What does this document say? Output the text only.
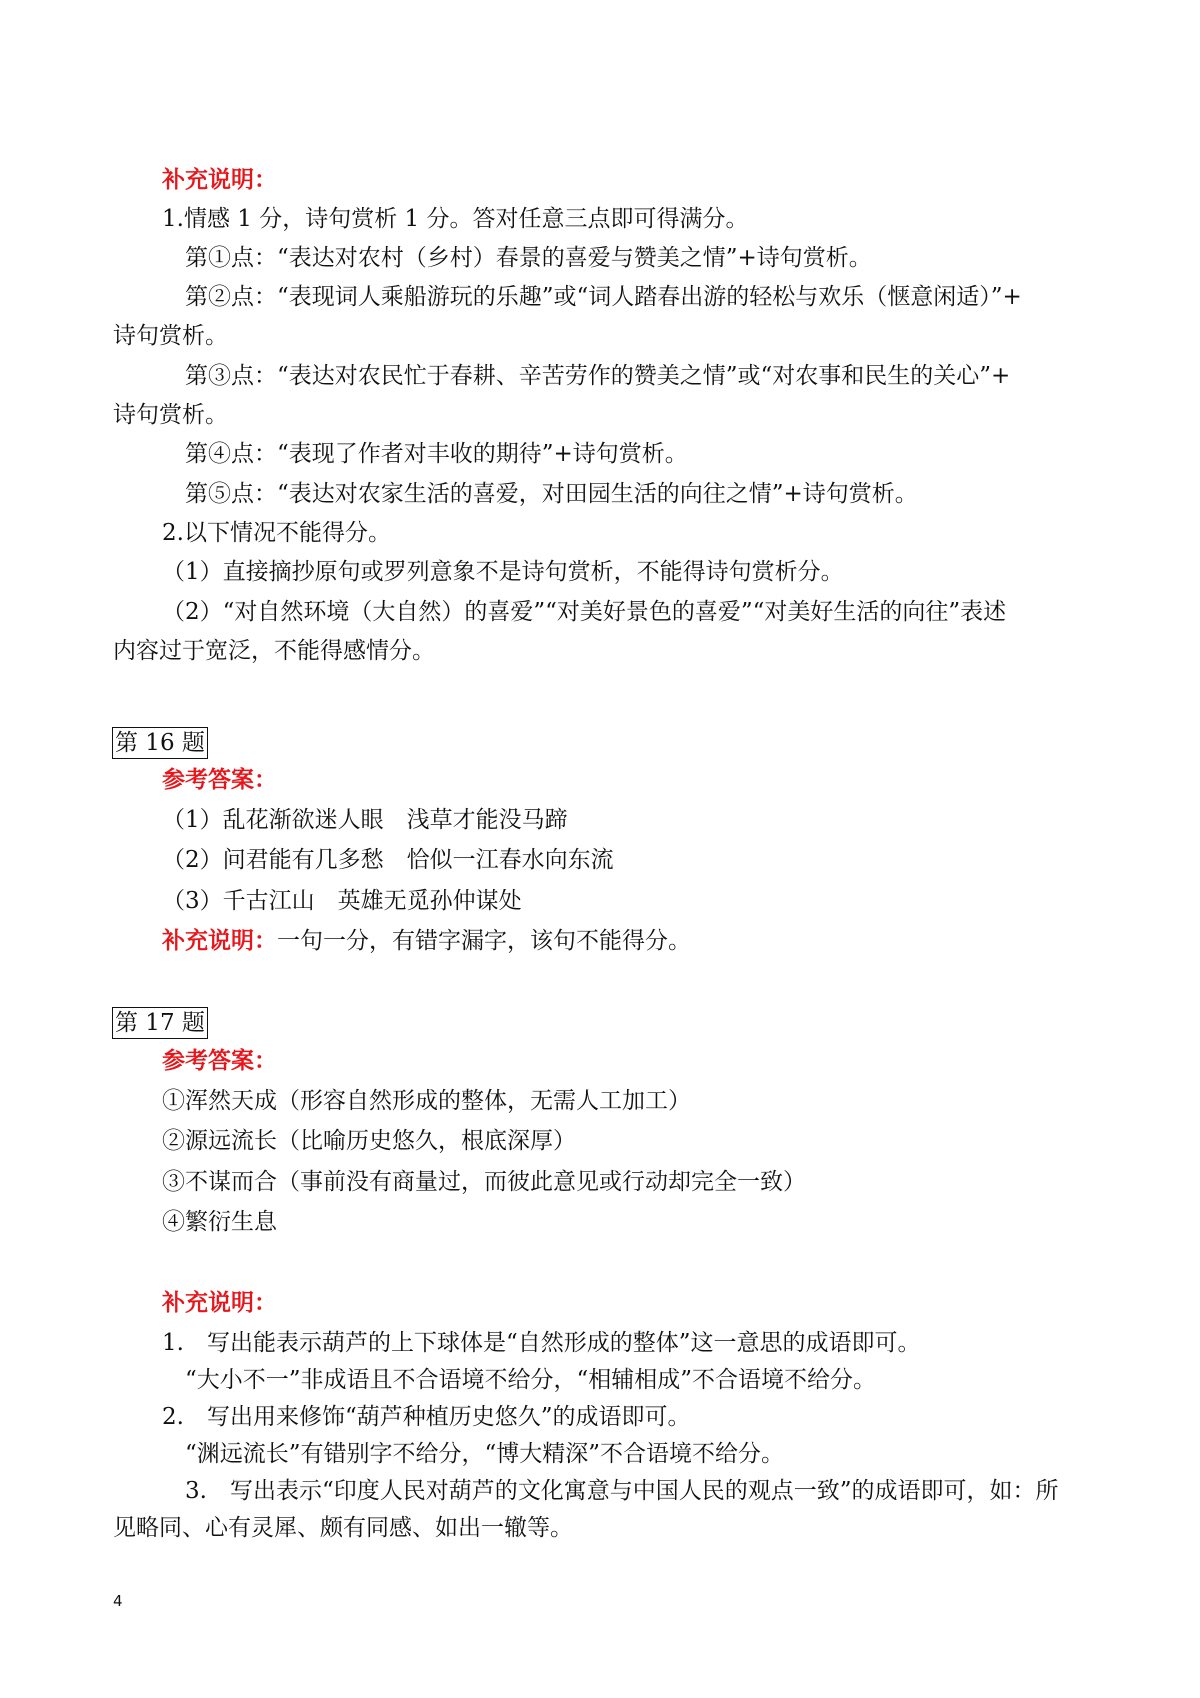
补充说明：
1.情感 1 分，诗句赏析 1 分。答对任意三点即可得满分。
第①点：“表达对农村（乡村）春景的喜爱与赞美之情”+诗句赏析。
第②点：“表现词人乘船游玩的乐趣”或“词人踏春出游的轻松与欢乐（惬意闲适）”+
诗句赏析。
第③点：“表达对农民忙于春耕、辛苦劳作的赞美之情”或“对农事和民生的关心”+
诗句赏析。
第④点：“表现了作者对丰收的期待”+诗句赏析。
第⑤点：“表达对农家生活的喜爱，对田园生活的向往之情”+诗句赏析。
2.以下情况不能得分。
（1）直接摘抄原句或罗列意象不是诗句赏析，不能得诗句赏析分。
（2）“对自然环境（大自然）的喜爱”“对美好景色的喜爱”“对美好生活的向往”表述
内容过于宽泛，不能得感情分。
第 16 题
参考答案：
（1）乱花渐欲迷人眼　浅草才能没马蹄
（2）问君能有几多愁　恰似一江春水向东流
（3）千古江山　英雄无觅孙仲谋处
补充说明：一句一分，有错字漏字，该句不能得分。
第 17 题
参考答案：
①浑然天成（形容自然形成的整体，无需人工加工）
②源远流长（比喻历史悠久，根底深厚）
③不谋而合（事前没有商量过，而彼此意见或行动却完全一致）
④繁衍生息
补充说明：
1.　写出能表示葫芦的上下球体是“自然形成的整体”这一意思的成语即可。
“大小不一”非成语且不合语境不给分，“相辅相成”不合语境不给分。
2.　写出用来修饰“葫芦种植历史悠久”的成语即可。
“渊远流长”有错别字不给分，“博大精深”不合语境不给分。
3.　写出表示“印度人民对葫芦的文化寓意与中国人民的观点一致”的成语即可，如：所
见略同、心有灵犀、颇有同感、如出一辙等。
4
